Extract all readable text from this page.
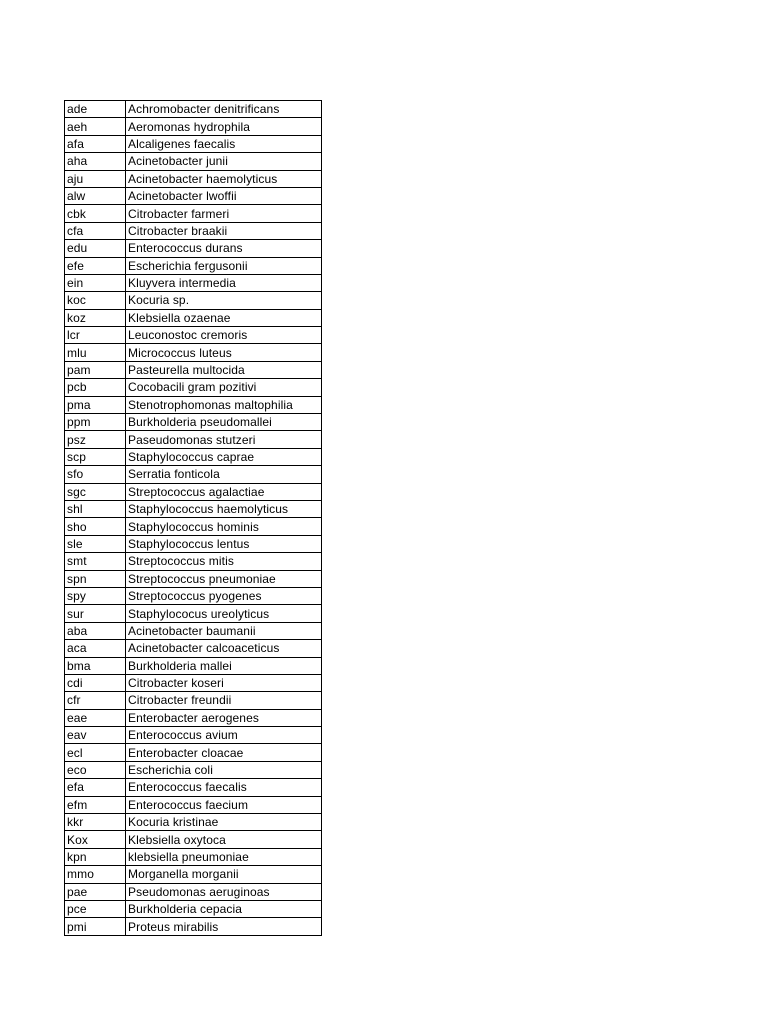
ade	Achromobacter denitrificans
aeh	Aeromonas hydrophila
afa	Alcaligenes faecalis
aha	Acinetobacter junii
aju	Acinetobacter haemolyticus
alw	Acinetobacter lwoffii
cbk	Citrobacter farmeri
cfa	Citrobacter braakii
edu	Enterococcus durans
efe	Escherichia fergusonii
ein	Kluyvera intermedia
koc	Kocuria sp.
koz	Klebsiella ozaenae
lcr	Leuconostoc cremoris
mlu	Micrococcus luteus
pam	Pasteurella multocida
pcb	Cocobacili gram pozitivi
pma	Stenotrophomonas maltophilia
ppm	Burkholderia pseudomallei
psz	Paseudomonas stutzeri
scp	Staphylococcus caprae
sfo	Serratia fonticola
sgc	Streptococcus agalactiae
shl	Staphylococcus haemolyticus
sho	Staphylococcus hominis
sle	Staphylococcus lentus
smt	Streptococcus mitis
spn	Streptococcus pneumoniae
spy	Streptococcus pyogenes
sur	Staphylococus ureolyticus
aba	Acinetobacter baumanii
aca	Acinetobacter calcoaceticus
bma	Burkholderia mallei
cdi	Citrobacter koseri
cfr	Citrobacter freundii
eae	Enterobacter aerogenes
eav	Enterococcus avium
ecl	Enterobacter cloacae
eco	Escherichia coli
efa	Enterococcus faecalis
efm	Enterococcus faecium
kkr	Kocuria kristinae
Kox	Klebsiella oxytoca
kpn	klebsiella pneumoniae
mmo	Morganella morganii
pae	Pseudomonas aeruginoas
pce	Burkholderia cepacia
pmi	Proteus mirabilis
